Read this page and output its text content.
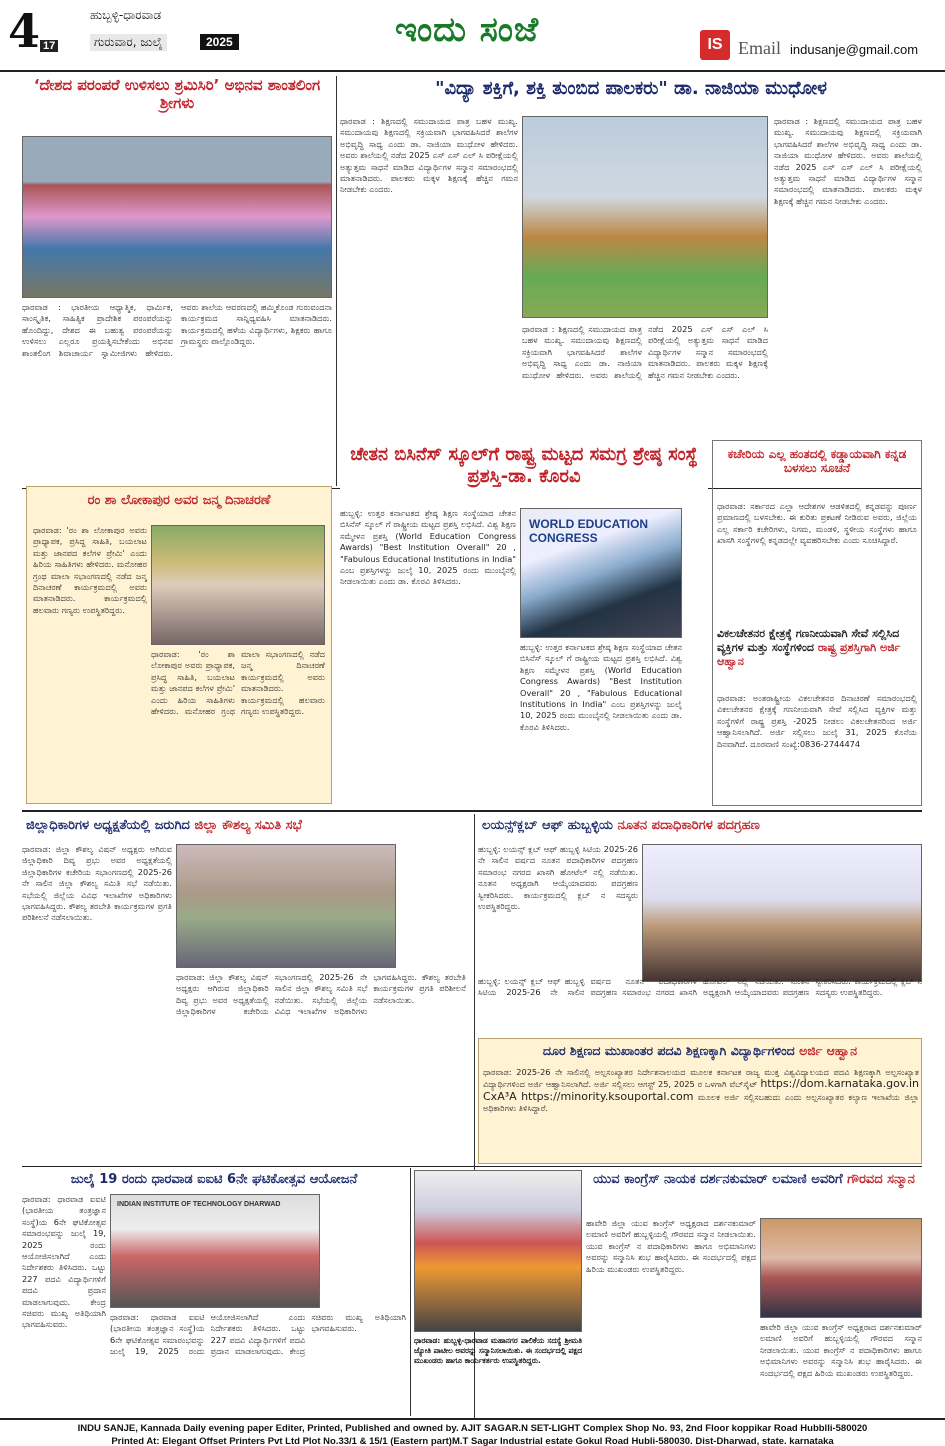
4 17
ಹುಬ್ಬಳ್ಳಿ-ಧಾರವಾಡ
ಗುರುವಾರ, ಜುಲೈ	2025	ಇಂದು ಸಂಜೆ	IS Email indusanje@gmail.com
‘ದೇಶದ ಪರಂಪರೆ ಉಳಿಸಲು ಶ್ರಮಿಸಿರಿ’ ಅಭಿನವ ಶಾಂತಲಿಂಗ ಶ್ರೀಗಳು
ಧಾರವಾಡ : ಭಾರತೀಯ ಆಧ್ಯಾತ್ಮಿಕ, ಧಾರ್ಮಿಕ, ಸಾಂಸ್ಕೃತಿಕ, ಸಾಹಿತ್ಯಿಕ ಪ್ರಾದೇಶಿಕ ಪರಂಪರೆಯನ್ನು ಹೊಂದಿದ್ದು, ದೇಶದ ಈ ಬಹುತ್ವ ಪರಂಪರೆಯನ್ನು ಉಳಿಸಲು ಎಲ್ಲರೂ ಪ್ರಯತ್ನಿಸಬೇಕೆಂದು ಅಭಿನವ ಶಾಂತಲಿಂಗ ಶಿವಾಚಾರ್ಯ ಸ್ವಾಮೀಜಿಗಳು ಹೇಳಿದರು. ಆವರು ಶಾಲೆಯ ಆವರಣದಲ್ಲಿ ಹಮ್ಮಿಕೊಂಡ ಗುರುವಂದನಾ ಕಾರ್ಯಕ್ರಮದ ಸಾನ್ನಿಧ್ಯವಹಿಸಿ ಮಾತನಾಡಿದರು. ಕಾರ್ಯಕ್ರಮದಲ್ಲಿ ಹಳೆಯ ವಿದ್ಯಾರ್ಥಿಗಳು, ಶಿಕ್ಷಕರು ಹಾಗೂ ಗ್ರಾಮಸ್ಥರು ಪಾಲ್ಗೊಂಡಿದ್ದರು.
"ವಿದ್ಯಾ ಶಕ್ತಿಗೆ, ಶಕ್ತಿ ತುಂಬಿದ ಪಾಲಕರು" ಡಾ. ನಾಜಿಯಾ ಮುಧೋಳ
ಧಾರವಾಡ : ಶಿಕ್ಷಣದಲ್ಲಿ ಸಮುದಾಯದ ಪಾತ್ರ ಬಹಳ ಮುಖ್ಯ. ಸಮುದಾಯವು ಶಿಕ್ಷಣದಲ್ಲಿ ಸಕ್ರಿಯವಾಗಿ ಭಾಗವಹಿಸಿದರೆ ಶಾಲೆಗಳ ಅಭಿವೃದ್ಧಿ ಸಾಧ್ಯ ಎಂದು ಡಾ. ನಾಜಿಯಾ ಮುಧೋಳ ಹೇಳಿದರು. ಅವರು ಶಾಲೆಯಲ್ಲಿ ನಡೆದ 2025 ಎಸ್ ಎಸ್ ಎಲ್ ಸಿ ಪರೀಕ್ಷೆಯಲ್ಲಿ ಅತ್ಯುತ್ತಮ ಸಾಧನೆ ಮಾಡಿದ ವಿದ್ಯಾರ್ಥಿಗಳ ಸನ್ಮಾನ ಸಮಾರಂಭದಲ್ಲಿ ಮಾತನಾಡಿದರು. ಪಾಲಕರು ಮಕ್ಕಳ ಶಿಕ್ಷಣಕ್ಕೆ ಹೆಚ್ಚಿನ ಗಮನ ನೀಡಬೇಕು ಎಂದರು.
ಧಾರವಾಡ : ಶಿಕ್ಷಣದಲ್ಲಿ ಸಮುದಾಯದ ಪಾತ್ರ ಬಹಳ ಮುಖ್ಯ. ಸಮುದಾಯವು ಶಿಕ್ಷಣದಲ್ಲಿ ಸಕ್ರಿಯವಾಗಿ ಭಾಗವಹಿಸಿದರೆ ಶಾಲೆಗಳ ಅಭಿವೃದ್ಧಿ ಸಾಧ್ಯ ಎಂದು ಡಾ. ನಾಜಿಯಾ ಮುಧೋಳ ಹೇಳಿದರು. ಅವರು ಶಾಲೆಯಲ್ಲಿ ನಡೆದ 2025 ಎಸ್ ಎಸ್ ಎಲ್ ಸಿ ಪರೀಕ್ಷೆಯಲ್ಲಿ ಅತ್ಯುತ್ತಮ ಸಾಧನೆ ಮಾಡಿದ ವಿದ್ಯಾರ್ಥಿಗಳ ಸನ್ಮಾನ ಸಮಾರಂಭದಲ್ಲಿ ಮಾತನಾಡಿದರು. ಪಾಲಕರು ಮಕ್ಕಳ ಶಿಕ್ಷಣಕ್ಕೆ ಹೆಚ್ಚಿನ ಗಮನ ನೀಡಬೇಕು ಎಂದರು.
ಧಾರವಾಡ : ಶಿಕ್ಷಣದಲ್ಲಿ ಸಮುದಾಯದ ಪಾತ್ರ ಬಹಳ ಮುಖ್ಯ. ಸಮುದಾಯವು ಶಿಕ್ಷಣದಲ್ಲಿ ಸಕ್ರಿಯವಾಗಿ ಭಾಗವಹಿಸಿದರೆ ಶಾಲೆಗಳ ಅಭಿವೃದ್ಧಿ ಸಾಧ್ಯ ಎಂದು ಡಾ. ನಾಜಿಯಾ ಮುಧೋಳ ಹೇಳಿದರು. ಅವರು ಶಾಲೆಯಲ್ಲಿ ನಡೆದ 2025 ಎಸ್ ಎಸ್ ಎಲ್ ಸಿ ಪರೀಕ್ಷೆಯಲ್ಲಿ ಅತ್ಯುತ್ತಮ ಸಾಧನೆ ಮಾಡಿದ ವಿದ್ಯಾರ್ಥಿಗಳ ಸನ್ಮಾನ ಸಮಾರಂಭದಲ್ಲಿ ಮಾತನಾಡಿದರು. ಪಾಲಕರು ಮಕ್ಕಳ ಶಿಕ್ಷಣಕ್ಕೆ ಹೆಚ್ಚಿನ ಗಮನ ನೀಡಬೇಕು ಎಂದರು.
ರಂ ಶಾ ಲೋಕಾಪುರ ಅವರ ಜನ್ಮ ದಿನಾಚರಣೆ
ಧಾರವಾಡ: 'ರಂ ಶಾ ಲೋಕಾಪುರ ಅವರು ಪ್ರಾಧ್ಯಾಪಕ, ಪ್ರಸಿದ್ಧ ಸಾಹಿತಿ, ಬಯಲಾಟ ಮತ್ತು ಜಾನಪದ ಕಲೆಗಳ ಪ್ರೇಮಿ' ಎಂದು ಹಿರಿಯ ಸಾಹಿತಿಗಳು ಹೇಳಿದರು. ಮನೋಹರ ಗ್ರಂಥ ಮಾಲಾ ಸಭಾಂಗಣದಲ್ಲಿ ನಡೆದ ಜನ್ಮ ದಿನಾಚರಣೆ ಕಾರ್ಯಕ್ರಮದಲ್ಲಿ ಅವರು ಮಾತನಾಡಿದರು. ಕಾರ್ಯಕ್ರಮದಲ್ಲಿ ಹಲವಾರು ಗಣ್ಯರು ಉಪಸ್ಥಿತರಿದ್ದರು.
ಧಾರವಾಡ: 'ರಂ ಶಾ ಲೋಕಾಪುರ ಅವರು ಪ್ರಾಧ್ಯಾಪಕ, ಪ್ರಸಿದ್ಧ ಸಾಹಿತಿ, ಬಯಲಾಟ ಮತ್ತು ಜಾನಪದ ಕಲೆಗಳ ಪ್ರೇಮಿ' ಎಂದು ಹಿರಿಯ ಸಾಹಿತಿಗಳು ಹೇಳಿದರು. ಮನೋಹರ ಗ್ರಂಥ ಮಾಲಾ ಸಭಾಂಗಣದಲ್ಲಿ ನಡೆದ ಜನ್ಮ ದಿನಾಚರಣೆ ಕಾರ್ಯಕ್ರಮದಲ್ಲಿ ಅವರು ಮಾತನಾಡಿದರು. ಕಾರ್ಯಕ್ರಮದಲ್ಲಿ ಹಲವಾರು ಗಣ್ಯರು ಉಪಸ್ಥಿತರಿದ್ದರು.
ಚೇತನ ಬಿಸಿನೆಸ್ ಸ್ಕೂಲ್‌ಗೆ ರಾಷ್ಟ್ರ ಮಟ್ಟದ ಸಮಗ್ರ ಶ್ರೇಷ್ಠ ಸಂಸ್ಥೆ ಪ್ರಶಸ್ತಿ-ಡಾ. ಕೊರವಿ
WORLD EDUCATION CONGRESS
ಹುಬ್ಬಳ್ಳಿ: ಉತ್ತರ ಕರ್ನಾಟಕದ ಶ್ರೇಷ್ಠ ಶಿಕ್ಷಣ ಸಂಸ್ಥೆಯಾದ ಚೇತನ ಬಿಸಿನೆಸ್ ಸ್ಕೂಲ್ ಗೆ ರಾಷ್ಟ್ರೀಯ ಮಟ್ಟದ ಪ್ರಶಸ್ತಿ ಲಭಿಸಿದೆ. ವಿಶ್ವ ಶಿಕ್ಷಣ ಸಮ್ಮೇಳನ ಪ್ರಶಸ್ತಿ (World Education Congress Awards) "Best Institution Overall" 20 , "Fabulous Educational Institutions in India" ಎಂಬ ಪ್ರಶಸ್ತಿಗಳನ್ನು ಜುಲೈ 10, 2025 ರಂದು ಮುಂಬೈನಲ್ಲಿ ನೀಡಲಾಯಿತು ಎಂದು ಡಾ. ಕೊರವಿ ತಿಳಿಸಿದರು.
ಹುಬ್ಬಳ್ಳಿ: ಉತ್ತರ ಕರ್ನಾಟಕದ ಶ್ರೇಷ್ಠ ಶಿಕ್ಷಣ ಸಂಸ್ಥೆಯಾದ ಚೇತನ ಬಿಸಿನೆಸ್ ಸ್ಕೂಲ್ ಗೆ ರಾಷ್ಟ್ರೀಯ ಮಟ್ಟದ ಪ್ರಶಸ್ತಿ ಲಭಿಸಿದೆ. ವಿಶ್ವ ಶಿಕ್ಷಣ ಸಮ್ಮೇಳನ ಪ್ರಶಸ್ತಿ (World Education Congress Awards) "Best Institution Overall" 20 , "Fabulous Educational Institutions in India" ಎಂಬ ಪ್ರಶಸ್ತಿಗಳನ್ನು ಜುಲೈ 10, 2025 ರಂದು ಮುಂಬೈನಲ್ಲಿ ನೀಡಲಾಯಿತು ಎಂದು ಡಾ. ಕೊರವಿ ತಿಳಿಸಿದರು.
ಕಚೇರಿಯ ಎಲ್ಲ ಹಂತದಲ್ಲಿ ಕಡ್ಡಾಯವಾಗಿ ಕನ್ನಡ ಬಳಸಲು ಸೂಚನೆ
ಧಾರವಾಡ: ಸರ್ಕಾರದ ಎಲ್ಲಾ ಆದೇಶಗಳ ಆಡಳಿತದಲ್ಲಿ ಕನ್ನಡವನ್ನು ಪೂರ್ಣ ಪ್ರಮಾಣದಲ್ಲಿ ಬಳಸಬೇಕು. ಈ ಕುರಿತು ಪ್ರಕಟಣೆ ನೀಡಿರುವ ಅವರು, ಜಿಲ್ಲೆಯ ಎಲ್ಲ ಸರ್ಕಾರಿ ಕಚೇರಿಗಳು, ನಿಗಮ, ಮಂಡಳಿ, ಸ್ಥಳೀಯ ಸಂಸ್ಥೆಗಳು ಹಾಗೂ ಖಾಸಗಿ ಸಂಸ್ಥೆಗಳಲ್ಲಿ ಕನ್ನಡದಲ್ಲೇ ವ್ಯವಹರಿಸಬೇಕು ಎಂದು ಸೂಚಿಸಿದ್ದಾರೆ.
ವಿಕಲಚೇತನರ ಕ್ಷೇತ್ರಕ್ಕೆ ಗಣನೀಯವಾಗಿ ಸೇವೆ ಸಲ್ಲಿಸಿದ ವ್ಯಕ್ತಿಗಳ ಮತ್ತು ಸಂಸ್ಥೆಗಳಿಂದ ರಾಷ್ಟ್ರ ಪ್ರಶಸ್ತಿಗಾಗಿ ಅರ್ಜಿ ಆಹ್ವಾನ
ಧಾರವಾಡ: ಅಂತರಾಷ್ಟ್ರೀಯ ವಿಕಲಚೇತನರ ದಿನಾಚರಣೆ ಸಮಾರಂಭದಲ್ಲಿ ವಿಕಲಚೇತನರ ಕ್ಷೇತ್ರಕ್ಕೆ ಗಣನೀಯವಾಗಿ ಸೇವೆ ಸಲ್ಲಿಸಿದ ವ್ಯಕ್ತಿಗಳ ಮತ್ತು ಸಂಸ್ಥೆಗಳಿಗೆ ರಾಷ್ಟ್ರ ಪ್ರಶಸ್ತಿ -2025 ನೀಡಲು ವಿಕಲಚೇತನರಿಂದ ಅರ್ಜಿ ಆಹ್ವಾನಿಸಲಾಗಿದೆ. ಅರ್ಜಿ ಸಲ್ಲಿಸಲು ಜುಲೈ 31, 2025 ಕೊನೆಯ ದಿನವಾಗಿದೆ. ದೂರವಾಣಿ ಸಂಖ್ಯೆ:0836-2744474
ಜಿಲ್ಲಾಧಿಕಾರಿಗಳ ಅಧ್ಯಕ್ಷತೆಯಲ್ಲಿ ಜರುಗಿದ ಜಿಲ್ಲಾ ಕೌಶಲ್ಯ ಸಮಿತಿ ಸಭೆ
ಧಾರವಾಡ: ಜಿಲ್ಲಾ ಕೌಶಲ್ಯ ವಿಷನ್ ಅಧ್ಯಕ್ಷರು ಆಗಿರುವ ಜಿಲ್ಲಾಧಿಕಾರಿ ದಿವ್ಯ ಪ್ರಭು ಅವರ ಅಧ್ಯಕ್ಷತೆಯಲ್ಲಿ ಜಿಲ್ಲಾಧಿಕಾರಿಗಳ ಕಚೇರಿಯ ಸಭಾಂಗಣದಲ್ಲಿ 2025-26 ನೇ ಸಾಲಿನ ಜಿಲ್ಲಾ ಕೌಶಲ್ಯ ಸಮಿತಿ ಸಭೆ ನಡೆಯಿತು. ಸಭೆಯಲ್ಲಿ ಜಿಲ್ಲೆಯ ವಿವಿಧ ಇಲಾಖೆಗಳ ಅಧಿಕಾರಿಗಳು ಭಾಗವಹಿಸಿದ್ದರು. ಕೌಶಲ್ಯ ತರಬೇತಿ ಕಾರ್ಯಕ್ರಮಗಳ ಪ್ರಗತಿ ಪರಿಶೀಲನೆ ನಡೆಸಲಾಯಿತು.
ಧಾರವಾಡ: ಜಿಲ್ಲಾ ಕೌಶಲ್ಯ ವಿಷನ್ ಅಧ್ಯಕ್ಷರು ಆಗಿರುವ ಜಿಲ್ಲಾಧಿಕಾರಿ ದಿವ್ಯ ಪ್ರಭು ಅವರ ಅಧ್ಯಕ್ಷತೆಯಲ್ಲಿ ಜಿಲ್ಲಾಧಿಕಾರಿಗಳ ಕಚೇರಿಯ ಸಭಾಂಗಣದಲ್ಲಿ 2025-26 ನೇ ಸಾಲಿನ ಜಿಲ್ಲಾ ಕೌಶಲ್ಯ ಸಮಿತಿ ಸಭೆ ನಡೆಯಿತು. ಸಭೆಯಲ್ಲಿ ಜಿಲ್ಲೆಯ ವಿವಿಧ ಇಲಾಖೆಗಳ ಅಧಿಕಾರಿಗಳು ಭಾಗವಹಿಸಿದ್ದರು. ಕೌಶಲ್ಯ ತರಬೇತಿ ಕಾರ್ಯಕ್ರಮಗಳ ಪ್ರಗತಿ ಪರಿಶೀಲನೆ ನಡೆಸಲಾಯಿತು.
ಲಯನ್ಸ್‌ಕ್ಲಬ್ ಆಫ್ ಹುಬ್ಬಳ್ಳಿಯ ನೂತನ ಪದಾಧಿಕಾರಿಗಳ ಪದಗ್ರಹಣ
ಹುಬ್ಬಳ್ಳಿ: ಲಯನ್ಸ್ ಕ್ಲಬ್ ಆಫ್ ಹುಬ್ಬಳ್ಳಿ ಸಿಟಿಯ 2025-26 ನೇ ಸಾಲಿನ ವರ್ಷದ ನೂತನ ಪದಾಧಿಕಾರಿಗಳ ಪದಗ್ರಹಣ ಸಮಾರಂಭ ನಗರದ ಖಾಸಗಿ ಹೋಟೆಲ್ ನಲ್ಲಿ ನಡೆಯಿತು. ನೂತನ ಅಧ್ಯಕ್ಷರಾಗಿ ಆಯ್ಕೆಯಾದವರು ಪದಗ್ರಹಣ ಸ್ವೀಕರಿಸಿದರು. ಕಾರ್ಯಕ್ರಮದಲ್ಲಿ ಕ್ಲಬ್ ನ ಸದಸ್ಯರು ಉಪಸ್ಥಿತರಿದ್ದರು.
ಹುಬ್ಬಳ್ಳಿ: ಲಯನ್ಸ್ ಕ್ಲಬ್ ಆಫ್ ಹುಬ್ಬಳ್ಳಿ ಸಿಟಿಯ 2025-26 ನೇ ಸಾಲಿನ ವರ್ಷದ ನೂತನ ಪದಾಧಿಕಾರಿಗಳ ಪದಗ್ರಹಣ ಸಮಾರಂಭ ನಗರದ ಖಾಸಗಿ ಹೋಟೆಲ್ ನಲ್ಲಿ ನಡೆಯಿತು. ನೂತನ ಅಧ್ಯಕ್ಷರಾಗಿ ಆಯ್ಕೆಯಾದವರು ಪದಗ್ರಹಣ ಸ್ವೀಕರಿಸಿದರು. ಕಾರ್ಯಕ್ರಮದಲ್ಲಿ ಕ್ಲಬ್ ನ ಸದಸ್ಯರು ಉಪಸ್ಥಿತರಿದ್ದರು.
ದೂರ ಶಿಕ್ಷಣದ ಮುಖಾಂತರ ಪದವಿ ಶಿಕ್ಷಣಕ್ಕಾಗಿ ವಿದ್ಯಾರ್ಥಿಗಳಿಂದ ಅರ್ಜಿ ಆಹ್ವಾನ
ಧಾರವಾಡ: 2025-26 ನೇ ಸಾಲಿನಲ್ಲಿ ಅಲ್ಪಸಂಖ್ಯಾತರ ನಿರ್ದೇಶನಾಲಯದ ಮೂಲಕ ಕರ್ನಾಟಕ ರಾಜ್ಯ ಮುಕ್ತ ವಿಶ್ವವಿದ್ಯಾಲಯದ ಪದವಿ ಶಿಕ್ಷಣಕ್ಕಾಗಿ ಅಲ್ಪಸಂಖ್ಯಾತ ವಿದ್ಯಾರ್ಥಿಗಳಿಂದ ಅರ್ಜಿ ಆಹ್ವಾನಿಸಲಾಗಿದೆ. ಅರ್ಜಿ ಸಲ್ಲಿಸಲು ಆಗಸ್ಟ್ 25, 2025 ರ ಒಳಗಾಗಿ ವೆಬ್‌ಸೈಟ್ https://dom.karnataka.gov.in CxA³A https://minority.ksouportal.com ಮೂಲಕ ಅರ್ಜಿ ಸಲ್ಲಿಸಬಹುದು ಎಂದು ಅಲ್ಪಸಂಖ್ಯಾತರ ಕಲ್ಯಾಣ ಇಲಾಖೆಯ ಜಿಲ್ಲಾ ಅಧಿಕಾರಿಗಳು ತಿಳಿಸಿದ್ದಾರೆ.
ಜುಲೈ 19 ರಂದು ಧಾರವಾಡ ಐಐಟಿ 6ನೇ ಘಟಿಕೋತ್ಸವ ಆಯೋಜನೆ
INDIAN INSTITUTE OF TECHNOLOGY DHARWAD
ಧಾರವಾಡ: ಧಾರವಾಡ ಐಐಟಿ (ಭಾರತೀಯ ತಂತ್ರಜ್ಞಾನ ಸಂಸ್ಥೆ)ಯ 6ನೇ ಘಟಿಕೋತ್ಸವ ಸಮಾರಂಭವನ್ನು ಜುಲೈ 19, 2025 ರಂದು ಆಯೋಜಿಸಲಾಗಿದೆ ಎಂದು ನಿರ್ದೇಶಕರು ತಿಳಿಸಿದರು. ಒಟ್ಟು 227 ಪದವಿ ವಿದ್ಯಾರ್ಥಿಗಳಿಗೆ ಪದವಿ ಪ್ರದಾನ ಮಾಡಲಾಗುವುದು. ಕೇಂದ್ರ ಸಚಿವರು ಮುಖ್ಯ ಅತಿಥಿಯಾಗಿ ಭಾಗವಹಿಸುವರು.
ಧಾರವಾಡ: ಧಾರವಾಡ ಐಐಟಿ (ಭಾರತೀಯ ತಂತ್ರಜ್ಞಾನ ಸಂಸ್ಥೆ)ಯ 6ನೇ ಘಟಿಕೋತ್ಸವ ಸಮಾರಂಭವನ್ನು ಜುಲೈ 19, 2025 ರಂದು ಆಯೋಜಿಸಲಾಗಿದೆ ಎಂದು ನಿರ್ದೇಶಕರು ತಿಳಿಸಿದರು. ಒಟ್ಟು 227 ಪದವಿ ವಿದ್ಯಾರ್ಥಿಗಳಿಗೆ ಪದವಿ ಪ್ರದಾನ ಮಾಡಲಾಗುವುದು. ಕೇಂದ್ರ ಸಚಿವರು ಮುಖ್ಯ ಅತಿಥಿಯಾಗಿ ಭಾಗವಹಿಸುವರು.
ಧಾರವಾಡ: ಹುಬ್ಬಳ್ಳಿ-ಧಾರವಾಡ ಮಹಾನಗರ ಪಾಲಿಕೆಯ ಸದಸ್ಯೆ ಶ್ರೀಮತಿ ಜ್ಯೋತಿ ಪಾಟೀಲ ಅವರನ್ನು ಸನ್ಮಾನಿಸಲಾಯಿತು. ಈ ಸಂದರ್ಭದಲ್ಲಿ ಪಕ್ಷದ ಮುಖಂಡರು ಹಾಗೂ ಕಾರ್ಯಕರ್ತರು ಉಪಸ್ಥಿತರಿದ್ದರು.
ಯುವ ಕಾಂಗ್ರೆಸ್ ನಾಯಕ ದರ್ಶನಕುಮಾರ್ ಲಮಾಣಿ ಅವರಿಗೆ ಗೌರವದ ಸನ್ಮಾನ
ಹಾವೇರಿ ಜಿಲ್ಲಾ ಯುವ ಕಾಂಗ್ರೆಸ್ ಅಧ್ಯಕ್ಷರಾದ ದರ್ಶನಕುಮಾರ್ ಲಮಾಣಿ ಅವರಿಗೆ ಹುಬ್ಬಳ್ಳಿಯಲ್ಲಿ ಗೌರವದ ಸನ್ಮಾನ ನೀಡಲಾಯಿತು. ಯುವ ಕಾಂಗ್ರೆಸ್ ನ ಪದಾಧಿಕಾರಿಗಳು ಹಾಗೂ ಅಭಿಮಾನಿಗಳು ಅವರನ್ನು ಸನ್ಮಾನಿಸಿ ಶುಭ ಹಾರೈಸಿದರು. ಈ ಸಂದರ್ಭದಲ್ಲಿ ಪಕ್ಷದ ಹಿರಿಯ ಮುಖಂಡರು ಉಪಸ್ಥಿತರಿದ್ದರು.
ಹಾವೇರಿ ಜಿಲ್ಲಾ ಯುವ ಕಾಂಗ್ರೆಸ್ ಅಧ್ಯಕ್ಷರಾದ ದರ್ಶನಕುಮಾರ್ ಲಮಾಣಿ ಅವರಿಗೆ ಹುಬ್ಬಳ್ಳಿಯಲ್ಲಿ ಗೌರವದ ಸನ್ಮಾನ ನೀಡಲಾಯಿತು. ಯುವ ಕಾಂಗ್ರೆಸ್ ನ ಪದಾಧಿಕಾರಿಗಳು ಹಾಗೂ ಅಭಿಮಾನಿಗಳು ಅವರನ್ನು ಸನ್ಮಾನಿಸಿ ಶುಭ ಹಾರೈಸಿದರು. ಈ ಸಂದರ್ಭದಲ್ಲಿ ಪಕ್ಷದ ಹಿರಿಯ ಮುಖಂಡರು ಉಪಸ್ಥಿತರಿದ್ದರು.
INDU SANJE, Kannada Daily evening paper Editer, Printed, Published and owned by. AJIT SAGAR.N SET-LIGHT Complex Shop No. 93, 2nd Floor koppikar Road Hubblli-580020
Printed At: Elegant Offset Printers Pvt Ltd Plot No.33/1 & 15/1 (Eastern part)M.T Sagar Industrial estate Gokul Road Hubli-580030. Dist-Dharwad, state. karnataka
